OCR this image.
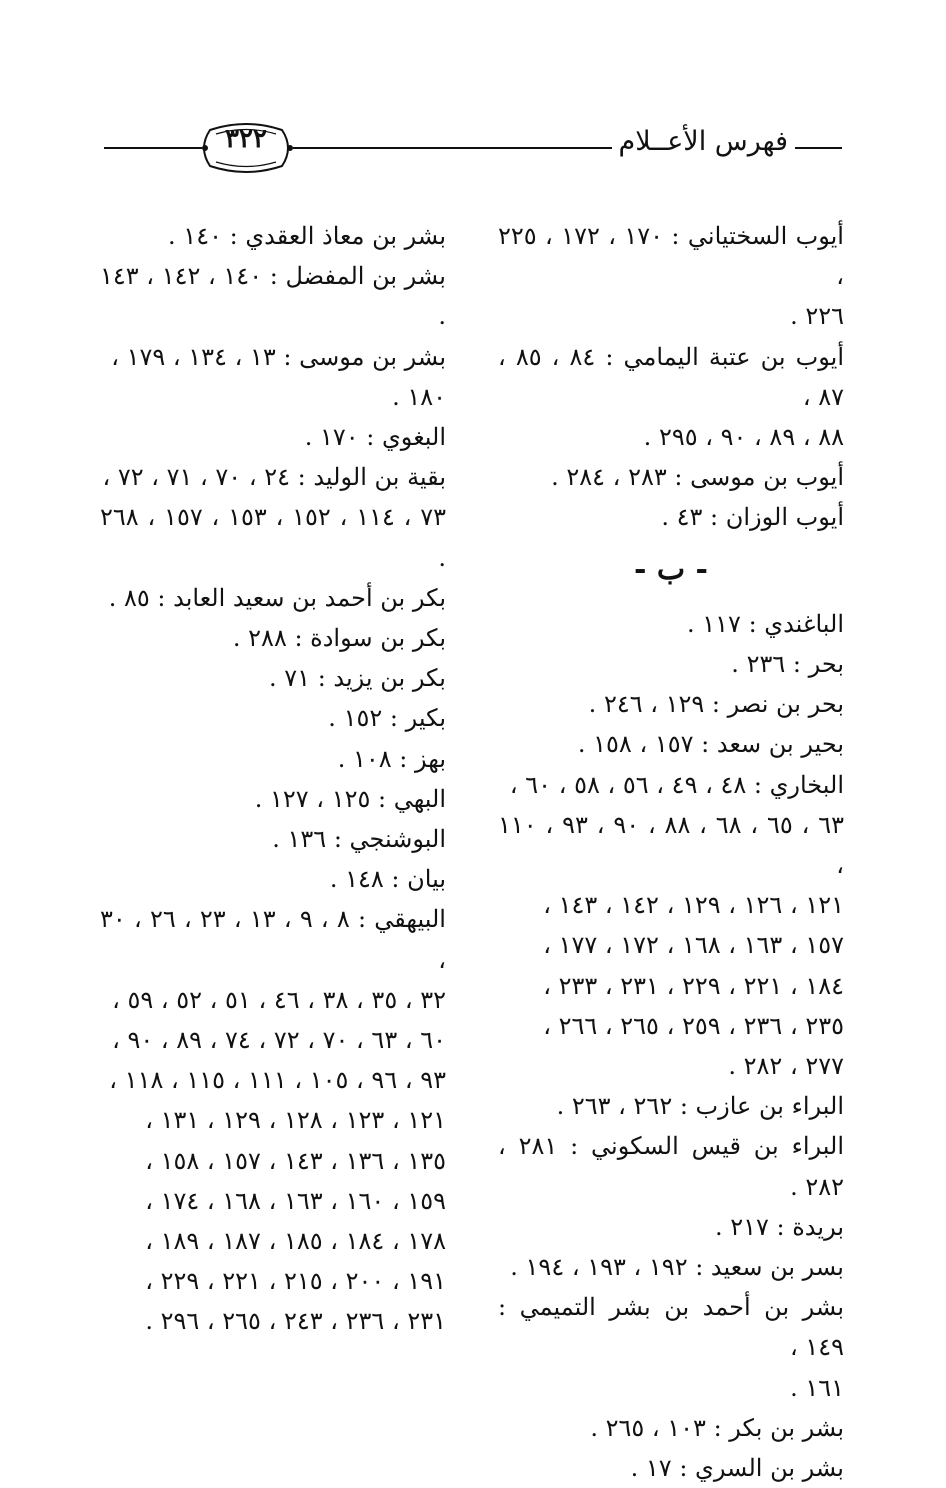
فهرس الأعــلام
٣٢٢

أيوب السختياني : ١٧٠ ، ١٧٢ ، ٢٢٥ ،

٢٢٦ .

أيوب بن عتبة اليمامي : ٨٤ ، ٨٥ ، ٨٧ ،

٨٨ ، ٨٩ ، ٩٠ ، ٢٩٥ .

أيوب بن موسى : ٢٨٣ ، ٢٨٤ .

أيوب الوزان : ٤٣ .

- ب -

الباغندي : ١١٧ .

بحر : ٢٣٦ .

بحر بن نصر : ١٢٩ ، ٢٤٦ .

بحير بن سعد : ١٥٧ ، ١٥٨ .

البخاري : ٤٨ ، ٤٩ ، ٥٦ ، ٥٨ ، ٦٠ ،

٦٣ ، ٦٥ ، ٦٨ ، ٨٨ ، ٩٠ ، ٩٣ ، ١١٠ ،

١٢١ ، ١٢٦ ، ١٢٩ ، ١٤٢ ، ١٤٣ ،

١٥٧ ، ١٦٣ ، ١٦٨ ، ١٧٢ ، ١٧٧ ،

١٨٤ ، ٢٢١ ، ٢٢٩ ، ٢٣١ ، ٢٣٣ ،

٢٣٥ ، ٢٣٦ ، ٢٥٩ ، ٢٦٥ ، ٢٦٦ ،

٢٧٧ ، ٢٨٢ .

البراء بن عازب : ٢٦٢ ، ٢٦٣ .

البراء بن قيس السكوني : ٢٨١ ، ٢٨٢ .

بريدة : ٢١٧ .

بسر بن سعيد : ١٩٢ ، ١٩٣ ، ١٩٤ .

بشر بن أحمد بن بشر التميمي : ١٤٩ ،

١٦١ .

بشر بن بكر : ١٠٣ ، ٢٦٥ .

بشر بن السري : ١٧ .

بشر بن معاذ العقدي : ١٤٠ .

بشر بن المفضل : ١٤٠ ، ١٤٢ ، ١٤٣ .

بشر بن موسى : ١٣ ، ١٣٤ ، ١٧٩ ،

١٨٠ .

البغوي : ١٧٠ .

بقية بن الوليد : ٢٤ ، ٧٠ ، ٧١ ، ٧٢ ،

٧٣ ، ١١٤ ، ١٥٢ ، ١٥٣ ، ١٥٧ ، ٢٦٨ .

بكر بن أحمد بن سعيد العابد : ٨٥ .

بكر بن سوادة : ٢٨٨ .

بكر بن يزيد : ٧١ .

بكير : ١٥٢ .

بهز : ١٠٨ .

البهي : ١٢٥ ، ١٢٧ .

البوشنجي : ١٣٦ .

بيان : ١٤٨ .

البيهقي : ٨ ، ٩ ، ١٣ ، ٢٣ ، ٢٦ ، ٣٠ ،

٣٢ ، ٣٥ ، ٣٨ ، ٤٦ ، ٥١ ، ٥٢ ، ٥٩ ،

٦٠ ، ٦٣ ، ٧٠ ، ٧٢ ، ٧٤ ، ٨٩ ، ٩٠ ،

٩٣ ، ٩٦ ، ١٠٥ ، ١١١ ، ١١٥ ، ١١٨ ،

١٢١ ، ١٢٣ ، ١٢٨ ، ١٢٩ ، ١٣١ ،

١٣٥ ، ١٣٦ ، ١٤٣ ، ١٥٧ ، ١٥٨ ،

١٥٩ ، ١٦٠ ، ١٦٣ ، ١٦٨ ، ١٧٤ ،

١٧٨ ، ١٨٤ ، ١٨٥ ، ١٨٧ ، ١٨٩ ،

١٩١ ، ٢٠٠ ، ٢١٥ ، ٢٢١ ، ٢٢٩ ،

٢٣١ ، ٢٣٦ ، ٢٤٣ ، ٢٦٥ ، ٢٩٦ .
